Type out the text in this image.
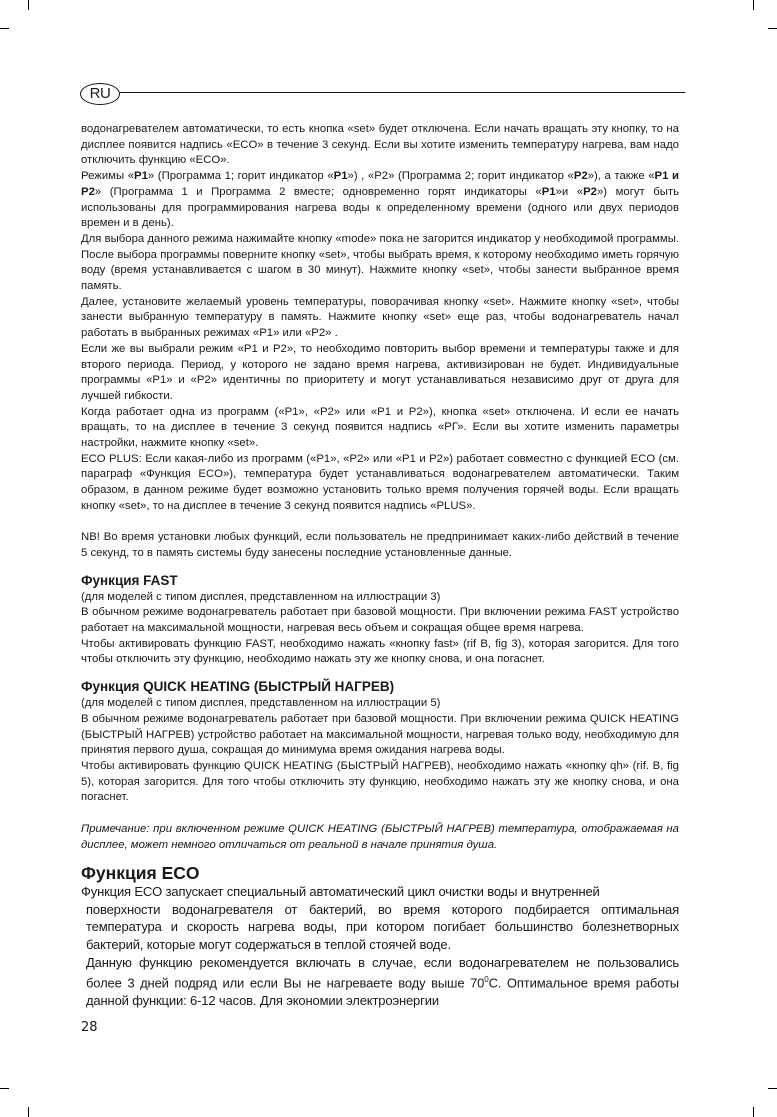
RU

водонагревателем автоматически, то есть кнопка «set» будет отключена. Если начать вращать эту кнопку, то на дисплее появится надпись «ECO» в течение 3 секунд. Если вы хотите изменить температуру нагрева, вам надо отключить функцию «ECO».

Режимы «P1» (Программа 1; горит индикатор «P1») , «P2» (Программа 2; горит индикатор «P2»), а также «P1 и P2» (Программа 1 и Программа 2 вместе; одновременно горят индикаторы «P1»и «P2») могут быть использованы для программирования нагрева воды к определенному времени (одного или двух периодов времен и в день).

Для выбора данного режима нажимайте кнопку «mode» пока не загорится индикатор у необходимой программы. После выбора программы поверните кнопку «set», чтобы выбрать время, к которому необходимо иметь горячую воду (время устанавливается с шагом в 30 минут). Нажмите кнопку «set», чтобы занести выбранное время память.

Далее, установите желаемый уровень температуры, поворачивая кнопку «set». Нажмите кнопку «set», чтобы занести выбранную температуру в память. Нажмите кнопку «set» еще раз, чтобы водонагреватель начал работать в выбранных режимах «P1» или «P2» .

Если же вы выбрали режим «P1 и P2», то необходимо повторить выбор времени и температуры также и для второго периода. Период, у которого не задано время нагрева, активизирован не будет. Индивидуальные программы «P1» и «P2» идентичны по приоритету и могут устанавливаться независимо друг от друга для лучшей гибкости.

Когда работает одна из программ («P1», «P2» или «P1 и P2»), кнопка «set» отключена. И если ее начать вращать, то на дисплее в течение 3 секунд появится надпись «РГ». Если вы хотите изменить параметры настройки, нажмите кнопку «set».

ECO PLUS: Если какая-либо из программ («P1», «P2» или «P1 и P2») работает совместно с функцией ECO (см. параграф «Функция ECO»), температура будет устанавливаться водонагревателем автоматически. Таким образом, в данном режиме будет возможно установить только время получения горячей воды. Если вращать кнопку «set», то на дисплее в течение 3 секунд появится надпись «PLUS».

NB! Во время установки любых функций, если пользователь не предпринимает каких-либо действий в течение 5 секунд, то в память системы буду занесены последние установленные данные.

Функция FAST

(для моделей с типом дисплея, представленном на иллюстрации 3)

В обычном режиме водонагреватель работает при базовой мощности. При включении режима FAST устройство работает на максимальной мощности, нагревая весь объем и сокращая общее время нагрева.

Чтобы активировать функцию FAST, необходимо нажать «кнопку fast» (rif B, fig 3), которая загорится. Для того чтобы отключить эту функцию, необходимо нажать эту же кнопку снова, и она погаснет.

Функция QUICK HEATING (БЫСТРЫЙ НАГРЕВ)

(для моделей с типом дисплея, представленном на иллюстрации 5)

В обычном режиме водонагреватель работает при базовой мощности. При включении режима QUICK HEATING (БЫСТРЫЙ НАГРЕВ) устройство работает на максимальной мощности, нагревая только воду, необходимую для принятия первого душа, сокращая до минимума время ожидания нагрева воды.

Чтобы активировать функцию QUICK HEATING (БЫСТРЫЙ НАГРЕВ), необходимо нажать «кнопку qh» (rif. B, fig 5), которая загорится. Для того чтобы отключить эту функцию, необходимо нажать эту же кнопку снова, и она погаснет.

Примечание: при включенном режиме QUICK HEATING (БЫСТРЫЙ НАГРЕВ) температура, отображаемая на дисплее, может немного отличаться от реальной в начале принятия душа.

Функция ECO

Функция ECO запускает специальный автоматический цикл очистки воды и внутренней

поверхности водонагревателя от бактерий, во время которого подбирается оптимальная температура и скорость нагрева воды, при котором погибает большинство болезнетворных бактерий, которые могут содержаться в теплой стоячей воде.

Данную функцию рекомендуется включать в случае, если водонагревателем не пользовались более 3 дней подряд или если Вы не нагреваете воду выше $70^0C$. Оптимальное время работы данной функции: 6-12 часов. Для экономии электроэнергии

28
